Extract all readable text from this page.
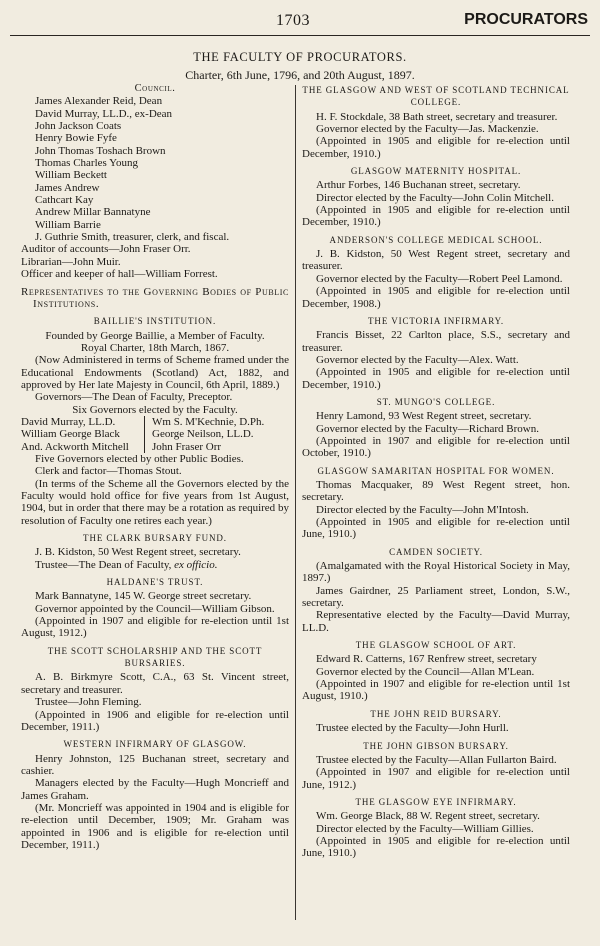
1703	PROCURATORS
THE FACULTY OF PROCURATORS.
Charter, 6th June, 1796, and 20th August, 1897.

Council.

James Alexander Reid, Dean

David Murray, LL.D., ex-Dean

John Jackson Coats

Henry Bowie Fyfe

John Thomas Toshach Brown

Thomas Charles Young

William Beckett

James Andrew

Cathcart Kay

Andrew Millar Bannatyne

William Barrie

J. Guthrie Smith, treasurer, clerk, and fiscal.

Auditor of accounts—John Fraser Orr.

Librarian—John Muir.

Officer and keeper of hall—William Forrest.

Representatives to the Governing Bodies of Public Institutions.

BAILLIE'S INSTITUTION.

Founded by George Baillie, a Member of Faculty.

Royal Charter, 18th March, 1867.

(Now Administered in terms of Scheme framed under the Educational Endowments (Scotland) Act, 1882, and approved by Her late Majesty in Council, 6th April, 1889.)

Governors—The Dean of Faculty, Preceptor.

Six Governors elected by the Faculty.

David Murray, LL.D.

William George Black

And. Ackworth Mitchell

Wm S. M'Kechnie, D.Ph.

George Neilson, LL.D.

John Fraser Orr

Five Governors elected by other Public Bodies.

Clerk and factor—Thomas Stout.

(In terms of the Scheme all the Governors elected by the Faculty would hold office for five years from 1st August, 1904, but in order that there may be a rotation as required by resolution of Faculty one retires each year.)

THE CLARK BURSARY FUND.

J. B. Kidston, 50 West Regent street, secretary.

Trustee—The Dean of Faculty, ex officio.

HALDANE'S TRUST.

Mark Bannatyne, 145 W. George street secretary.

Governor appointed by the Council—William Gibson.

(Appointed in 1907 and eligible for re-election until 1st August, 1912.)

THE SCOTT SCHOLARSHIP AND THE SCOTT BURSARIES.

A. B. Birkmyre Scott, C.A., 63 St. Vincent street, secretary and treasurer.

Trustee—John Fleming.

(Appointed in 1906 and eligible for re-election until December, 1911.)

WESTERN INFIRMARY OF GLASGOW.

Henry Johnston, 125 Buchanan street, secretary and cashier.

Managers elected by the Faculty—Hugh Moncrieff and James Graham.

(Mr. Moncrieff was appointed in 1904 and is eligible for re-election until December, 1909; Mr. Graham was appointed in 1906 and is eligible for re-election until December, 1911.)

THE GLASGOW AND WEST OF SCOTLAND TECHNICAL COLLEGE.

H. F. Stockdale, 38 Bath street, secretary and treasurer.

Governor elected by the Faculty—Jas. Mackenzie.

(Appointed in 1905 and eligible for re-election until December, 1910.)

GLASGOW MATERNITY HOSPITAL.

Arthur Forbes, 146 Buchanan street, secretary.

Director elected by the Faculty—John Colin Mitchell.

(Appointed in 1905 and eligible for re-election until December, 1910.)

ANDERSON'S COLLEGE MEDICAL SCHOOL.

J. B. Kidston, 50 West Regent street, secretary and treasurer.

Governor elected by the Faculty—Robert Peel Lamond.

(Appointed in 1905 and eligible for re-election until December, 1908.)

THE VICTORIA INFIRMARY.

Francis Bisset, 22 Carlton place, S.S., secretary and treasurer.

Governor elected by the Faculty—Alex. Watt.

(Appointed in 1905 and eligible for re-election until December, 1910.)

ST. MUNGO'S COLLEGE.

Henry Lamond, 93 West Regent street, secretary.

Governor elected by the Faculty—Richard Brown.

(Appointed in 1907 and eligible for re-election until October, 1910.)

GLASGOW SAMARITAN HOSPITAL FOR WOMEN.

Thomas Macquaker, 89 West Regent street, hon. secretary.

Director elected by the Faculty—John M'Intosh.

(Appointed in 1905 and eligible for re-election until June, 1910.)

CAMDEN SOCIETY.

(Amalgamated with the Royal Historical Society in May, 1897.)

James Gairdner, 25 Parliament street, London, S.W., secretary.

Representative elected by the Faculty—David Murray, LL.D.

THE GLASGOW SCHOOL OF ART.

Edward R. Catterns, 167 Renfrew street, secretary

Governor elected by the Council—Allan M'Lean.

(Appointed in 1907 and eligible for re-election until 1st August, 1910.)

THE JOHN REID BURSARY.

Trustee elected by the Faculty—John Hurll.

THE JOHN GIBSON BURSARY.

Trustee elected by the Faculty—Allan Fullarton Baird.

(Appointed in 1907 and eligible for re-election until June, 1912.)

THE GLASGOW EYE INFIRMARY.

Wm. George Black, 88 W. Regent street, secretary.

Director elected by the Faculty—William Gillies.

(Appointed in 1905 and eligible for re-election until June, 1910.)
